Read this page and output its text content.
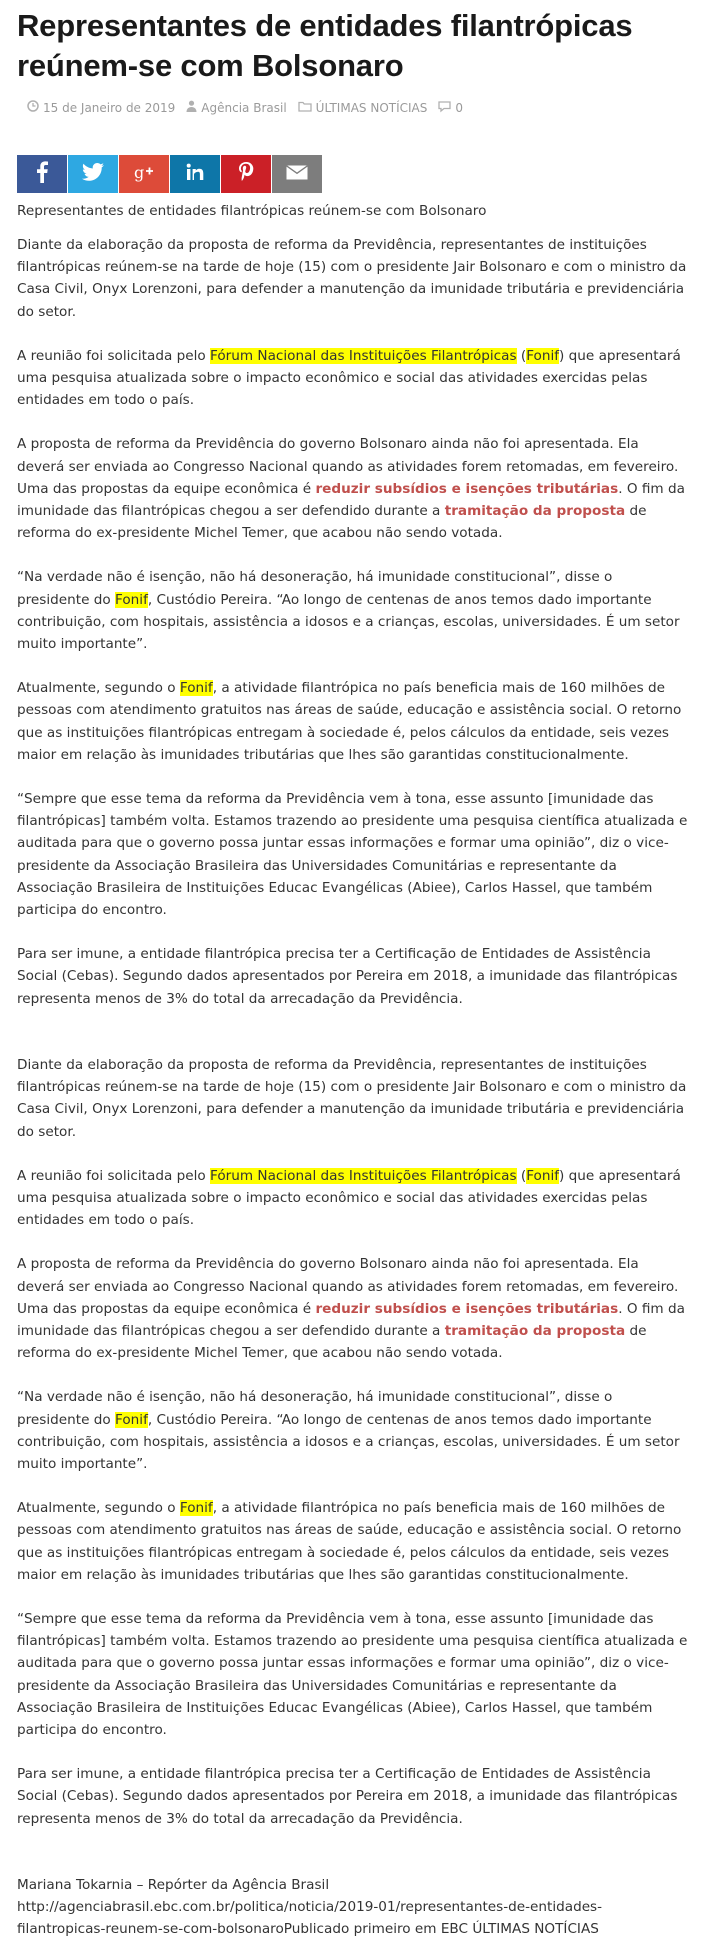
Representantes de entidades filantrópicas reúnem-se com Bolsonaro
15 de Janeiro de 2019 Agência Brasil ÚLTIMAS NOTÍCIAS 0
g
Representantes de entidades filantrópicas reúnem-se com Bolsonaro

Diante da elaboração da proposta de reforma da Previdência, representantes de instituições filantrópicas reúnem-se na tarde de hoje (15) com o presidente Jair Bolsonaro e com o ministro da Casa Civil, Onyx Lorenzoni, para defender a manutenção da imunidade tributária e previdenciária do setor.

A reunião foi solicitada pelo Fórum Nacional das Instituições Filantrópicas (Fonif) que apresentará uma pesquisa atualizada sobre o impacto econômico e social das atividades exercidas pelas entidades em todo o país.

A proposta de reforma da Previdência do governo Bolsonaro ainda não foi apresentada. Ela deverá ser enviada ao Congresso Nacional quando as atividades forem retomadas, em fevereiro. Uma das propostas da equipe econômica é reduzir subsídios e isenções tributárias. O fim da imunidade das filantrópicas chegou a ser defendido durante a tramitação da proposta de reforma do ex-presidente Michel Temer, que acabou não sendo votada.

“Na verdade não é isenção, não há desoneração, há imunidade constitucional”, disse o presidente do Fonif, Custódio Pereira. “Ao longo de centenas de anos temos dado importante contribuição, com hospitais, assistência a idosos e a crianças, escolas, universidades. É um setor muito importante”.

Atualmente, segundo o Fonif, a atividade filantrópica no país beneficia mais de 160 milhões de pessoas com atendimento gratuitos nas áreas de saúde, educação e assistência social. O retorno que as instituições filantrópicas entregam à sociedade é, pelos cálculos da entidade, seis vezes maior em relação às imunidades tributárias que lhes são garantidas constitucionalmente.

“Sempre que esse tema da reforma da Previdência vem à tona, esse assunto [imunidade das filantrópicas] também volta. Estamos trazendo ao presidente uma pesquisa científica atualizada e auditada para que o governo possa juntar essas informações e formar uma opinião”, diz o vice-presidente da Associação Brasileira das Universidades Comunitárias e representante da Associação Brasileira de Instituições Educac Evangélicas (Abiee), Carlos Hassel, que também participa do encontro.

Para ser imune, a entidade filantrópica precisa ter a Certificação de Entidades de Assistência Social (Cebas). Segundo dados apresentados por Pereira em 2018, a imunidade das filantrópicas representa menos de 3% do total da arrecadação da Previdência.

Diante da elaboração da proposta de reforma da Previdência, representantes de instituições filantrópicas reúnem-se na tarde de hoje (15) com o presidente Jair Bolsonaro e com o ministro da Casa Civil, Onyx Lorenzoni, para defender a manutenção da imunidade tributária e previdenciária do setor.

A reunião foi solicitada pelo Fórum Nacional das Instituições Filantrópicas (Fonif) que apresentará uma pesquisa atualizada sobre o impacto econômico e social das atividades exercidas pelas entidades em todo o país.

A proposta de reforma da Previdência do governo Bolsonaro ainda não foi apresentada. Ela deverá ser enviada ao Congresso Nacional quando as atividades forem retomadas, em fevereiro. Uma das propostas da equipe econômica é reduzir subsídios e isenções tributárias. O fim da imunidade das filantrópicas chegou a ser defendido durante a tramitação da proposta de reforma do ex-presidente Michel Temer, que acabou não sendo votada.

“Na verdade não é isenção, não há desoneração, há imunidade constitucional”, disse o presidente do Fonif, Custódio Pereira. “Ao longo de centenas de anos temos dado importante contribuição, com hospitais, assistência a idosos e a crianças, escolas, universidades. É um setor muito importante”.

Atualmente, segundo o Fonif, a atividade filantrópica no país beneficia mais de 160 milhões de pessoas com atendimento gratuitos nas áreas de saúde, educação e assistência social. O retorno que as instituições filantrópicas entregam à sociedade é, pelos cálculos da entidade, seis vezes maior em relação às imunidades tributárias que lhes são garantidas constitucionalmente.

“Sempre que esse tema da reforma da Previdência vem à tona, esse assunto [imunidade das filantrópicas] também volta. Estamos trazendo ao presidente uma pesquisa científica atualizada e auditada para que o governo possa juntar essas informações e formar uma opinião”, diz o vice-presidente da Associação Brasileira das Universidades Comunitárias e representante da Associação Brasileira de Instituições Educac Evangélicas (Abiee), Carlos Hassel, que também participa do encontro.

Para ser imune, a entidade filantrópica precisa ter a Certificação de Entidades de Assistência Social (Cebas). Segundo dados apresentados por Pereira em 2018, a imunidade das filantrópicas representa menos de 3% do total da arrecadação da Previdência.

Mariana Tokarnia – Repórter da Agência Brasil http://agenciabrasil.ebc.com.br/politica/noticia/2019-01/representantes-de-entidades-filantropicas-reunem-se-com-bolsonaroPublicado primeiro em EBC ÚLTIMAS NOTÍCIAS
